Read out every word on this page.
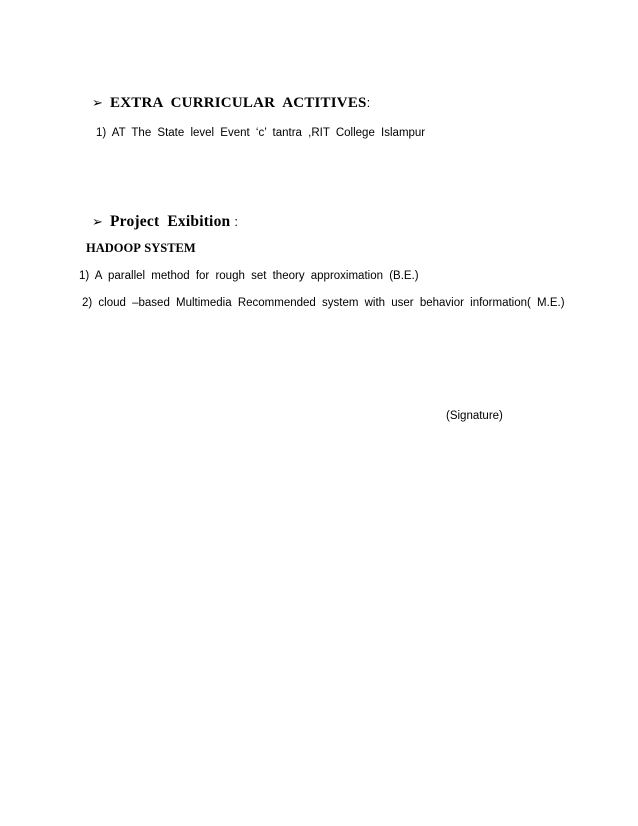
➢ EXTRA CURRICULAR ACTITIVES:
1) AT The State level Event ‘c’ tantra ,RIT College Islampur
➢ Project Exibition :
HADOOP SYSTEM
1) A parallel method for rough set theory approximation (B.E.)
2) cloud –based Multimedia Recommended system with user behavior information( M.E.)
(Signature)
